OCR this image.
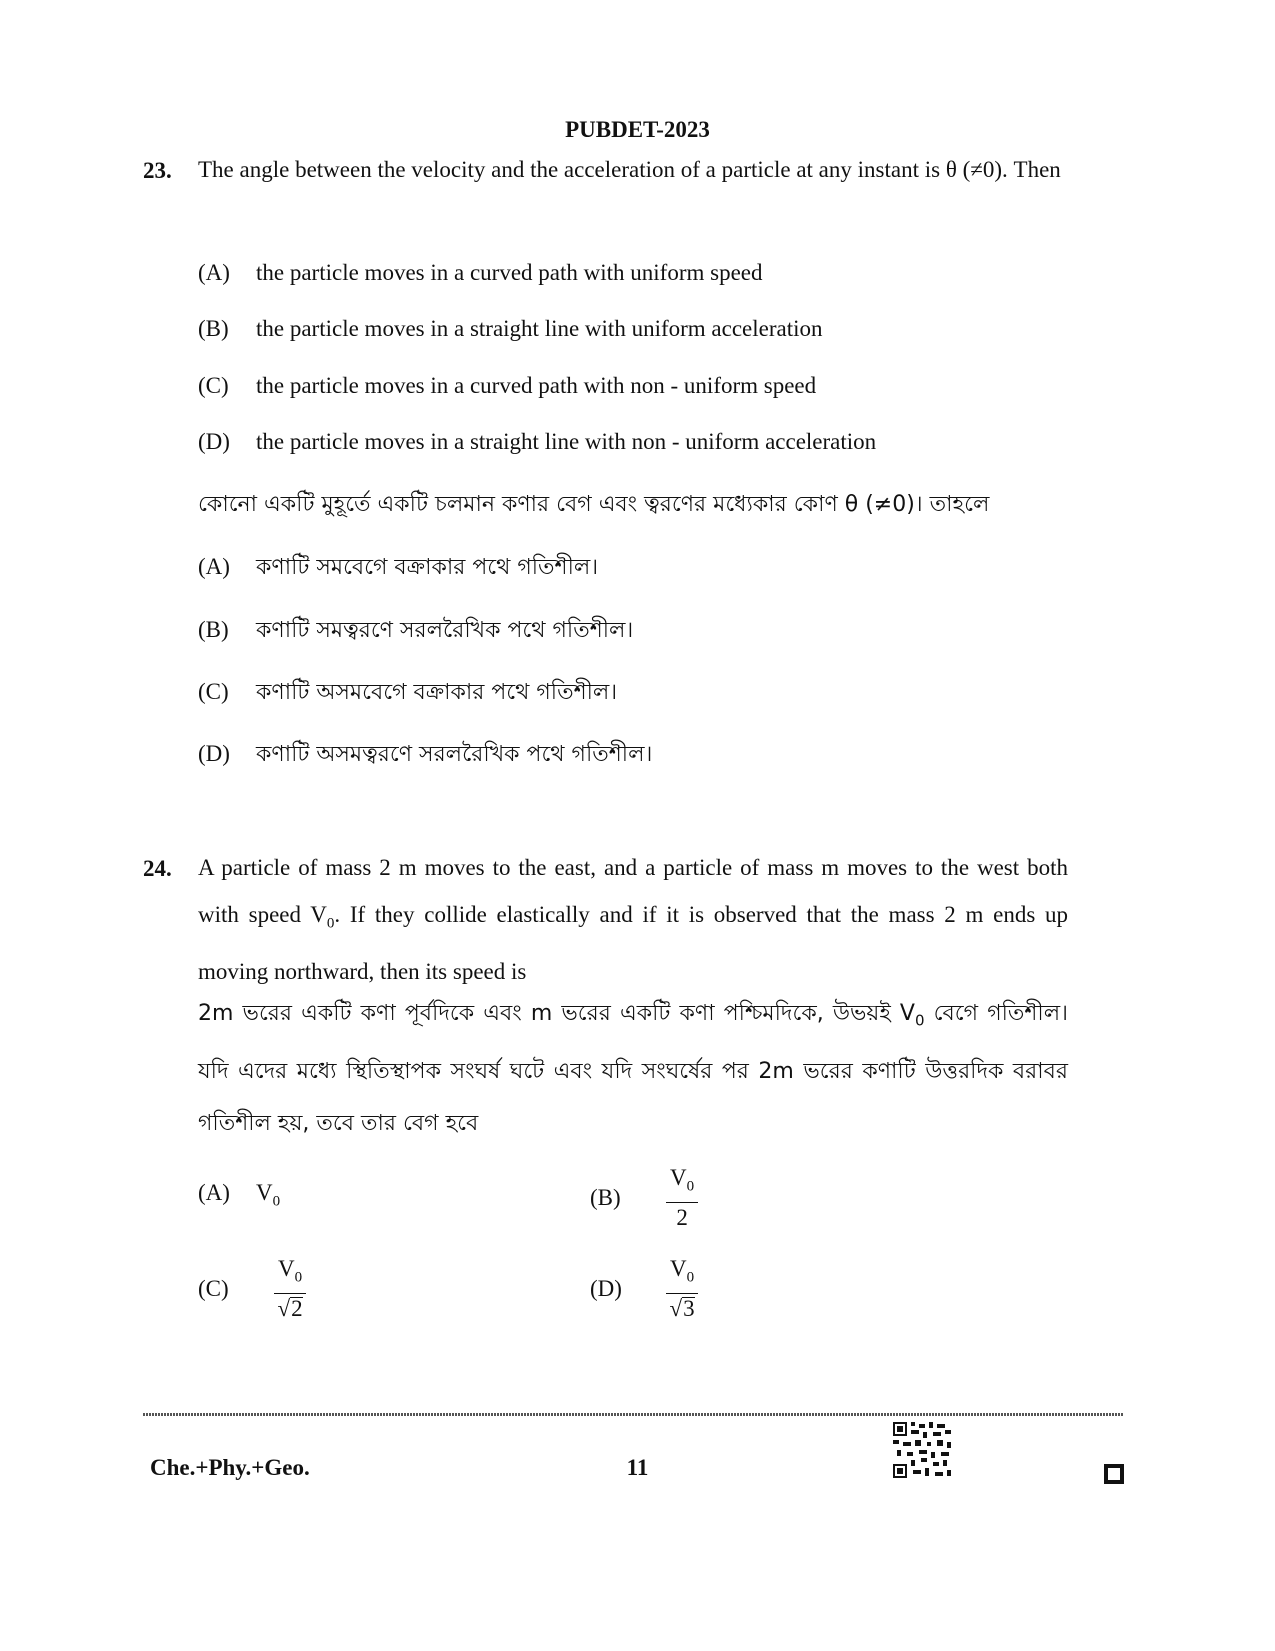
PUBDET-2023
23. The angle between the velocity and the acceleration of a particle at any instant is θ (≠0). Then
(A) the particle moves in a curved path with uniform speed
(B) the particle moves in a straight line with uniform acceleration
(C) the particle moves in a curved path with non - uniform speed
(D) the particle moves in a straight line with non - uniform acceleration
কোনো একটি মুহূর্তে একটি চলমান কণার বেগ এবং ত্বরণের মধ্যেকার কোণ θ (≠0)। তাহলে
(A) কণাটি সমবেগে বক্রাকার পথে গতিশীল।
(B) কণাটি সমত্বরণে সরলরৈখিক পথে গতিশীল।
(C) কণাটি অসমবেগে বক্রাকার পথে গতিশীল।
(D) কণাটি অসমত্বরণে সরলরৈখিক পথে গতিশীল।
24. A particle of mass 2 m moves to the east, and a particle of mass m moves to the west both with speed $V_0$. If they collide elastically and if it is observed that the mass 2 m ends up moving northward, then its speed is
2m ভরের একটি কণা পূর্বদিকে এবং m ভরের একটি কণা পশ্চিমদিকে, উভয়ই $V_0$ বেগে গতিশীল। যদি এদের মধ্যে স্থিতিস্থাপক সংঘর্ষ ঘটে এবং যদি সংঘর্ষের পর 2m ভরের কণাটি উত্তরদিক বরাবর গতিশীল হয়, তবে তার বেগ হবে
(A) $V_0$	$(B) \frac{V_0}{2}$
$(C) \frac{V_0}{√2}$	$(D) \frac{V_0}{√3}$
Che.+Phy.+Geo.	11
